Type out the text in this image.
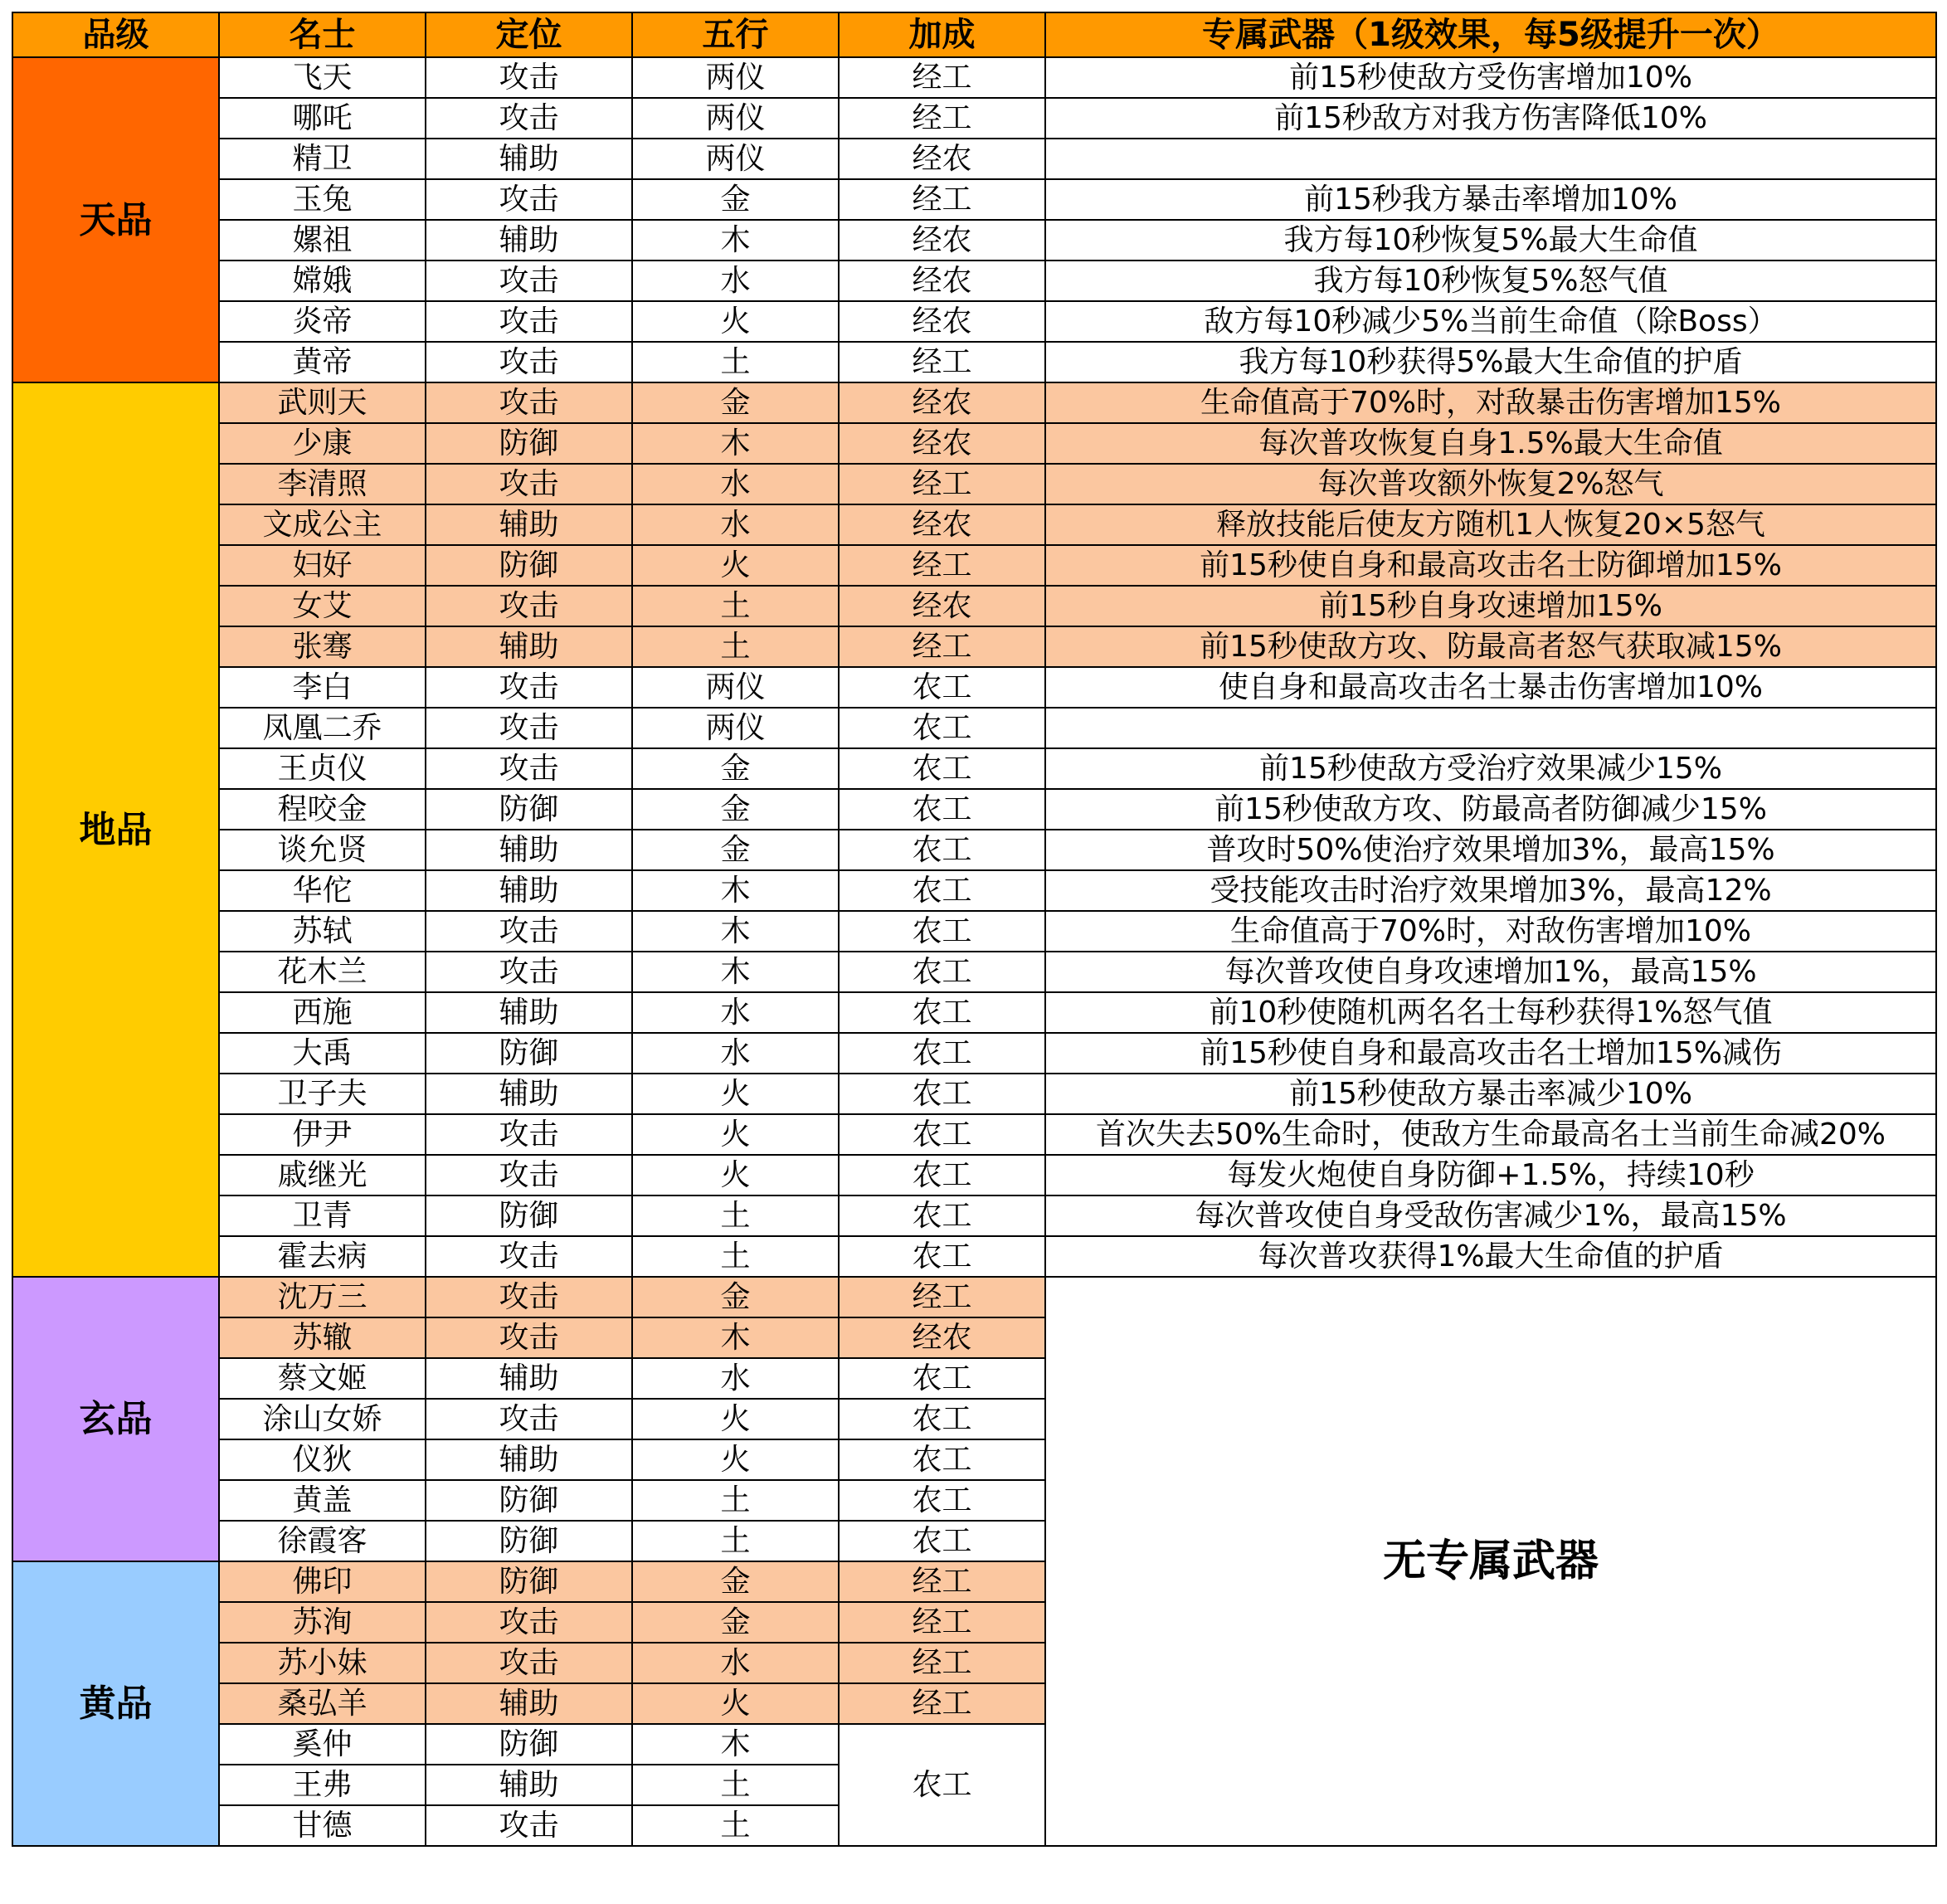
品级	名士	定位	五行	加成	专属武器（1级效果，每5级提升一次）
天品	飞天	攻击	两仪	经工	前15秒使敌方受伤害增加10%
	哪吒	攻击	两仪	经工	前15秒敌方对我方伤害降低10%
	精卫	辅助	两仪	经农	
	玉兔	攻击	金	经工	前15秒我方暴击率增加10%
	嫘祖	辅助	木	经农	我方每10秒恢复5%最大生命值
	嫦娥	攻击	水	经农	我方每10秒恢复5%怒气值
	炎帝	攻击	火	经农	敌方每10秒减少5%当前生命值（除Boss）
	黄帝	攻击	土	经工	我方每10秒获得5%最大生命值的护盾
地品	武则天	攻击	金	经农	生命值高于70%时，对敌暴击伤害增加15%
	少康	防御	木	经农	每次普攻恢复自身1.5%最大生命值
	李清照	攻击	水	经工	每次普攻额外恢复2%怒气
	文成公主	辅助	水	经农	释放技能后使友方随机1人恢复20×5怒气
	妇好	防御	火	经工	前15秒使自身和最高攻击名士防御增加15%
	女艾	攻击	土	经农	前15秒自身攻速增加15%
	张骞	辅助	土	经工	前15秒使敌方攻、防最高者怒气获取减15%
	李白	攻击	两仪	农工	使自身和最高攻击名士暴击伤害增加10%
	凤凰二乔	攻击	两仪	农工	
	王贞仪	攻击	金	农工	前15秒使敌方受治疗效果减少15%
	程咬金	防御	金	农工	前15秒使敌方攻、防最高者防御减少15%
	谈允贤	辅助	金	农工	普攻时50%使治疗效果增加3%，最高15%
	华佗	辅助	木	农工	受技能攻击时治疗效果增加3%，最高12%
	苏轼	攻击	木	农工	生命值高于70%时，对敌伤害增加10%
	花木兰	攻击	木	农工	每次普攻使自身攻速增加1%，最高15%
	西施	辅助	水	农工	前10秒使随机两名名士每秒获得1%怒气值
	大禹	防御	水	农工	前15秒使自身和最高攻击名士增加15%减伤
	卫子夫	辅助	火	农工	前15秒使敌方暴击率减少10%
	伊尹	攻击	火	农工	首次失去50%生命时，使敌方生命最高名士当前生命减20%
	戚继光	攻击	火	农工	每发火炮使自身防御+1.5%，持续10秒
	卫青	防御	土	农工	每次普攻使自身受敌伤害减少1%，最高15%
	霍去病	攻击	土	农工	每次普攻获得1%最大生命值的护盾
玄品	沈万三	攻击	金	经工	无专属武器
	苏辙	攻击	木	经农	
	蔡文姬	辅助	水	农工	
	涂山女娇	攻击	火	农工	
	仪狄	辅助	火	农工	
	黄盖	防御	土	农工	
	徐霞客	防御	土	农工	
黄品	佛印	防御	金	经工	
	苏洵	攻击	金	经工	
	苏小妹	攻击	水	经工	
	桑弘羊	辅助	火	经工	
	奚仲	防御	木	农工	
	王弗	辅助	土		
	甘德	攻击	土		
